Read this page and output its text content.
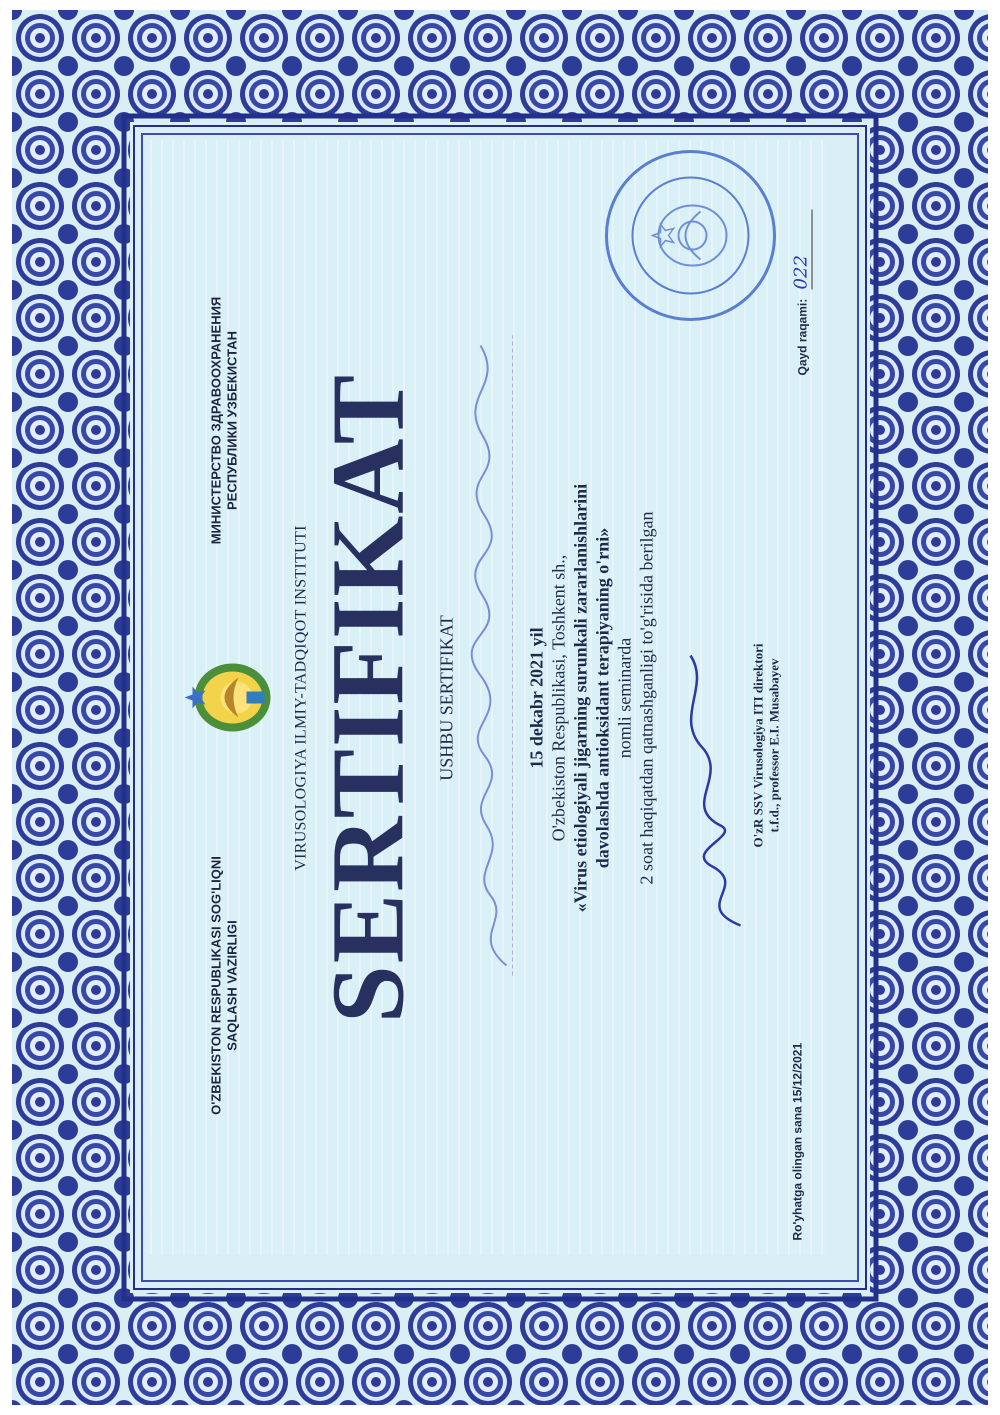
O'ZBEKISTON RESPUBLIKASI SOG'LIQNI SAQLASH VAZIRLIGI
МИНИСТЕРСТВО ЗДРАВООХРАНЕНИЯ РЕСПУБЛИКИ УЗБЕКИСТАН
VIRUSOLOGIYA ILMIY-TADQIQOT INSTITUTI SERTIFIKAT USHBU SERTIFIKAT	15 dekabr 2021 yil O'zbekiston Respublikasi, Toshkent sh., «Virus etiologiyali jigarning surunkali zararlanishlarini davolashda antioksidant terapiyaning o'rni» nomli seminarda 2 soat haqiqatdan qatnashganligi to'g'risida berilgan	O'zR SSV Virusologiya ITI direktori t.f.d., professor E.I. Musabayev
Qayd raqami: 022
Ro'yhatga olingan sana 15/12/2021
